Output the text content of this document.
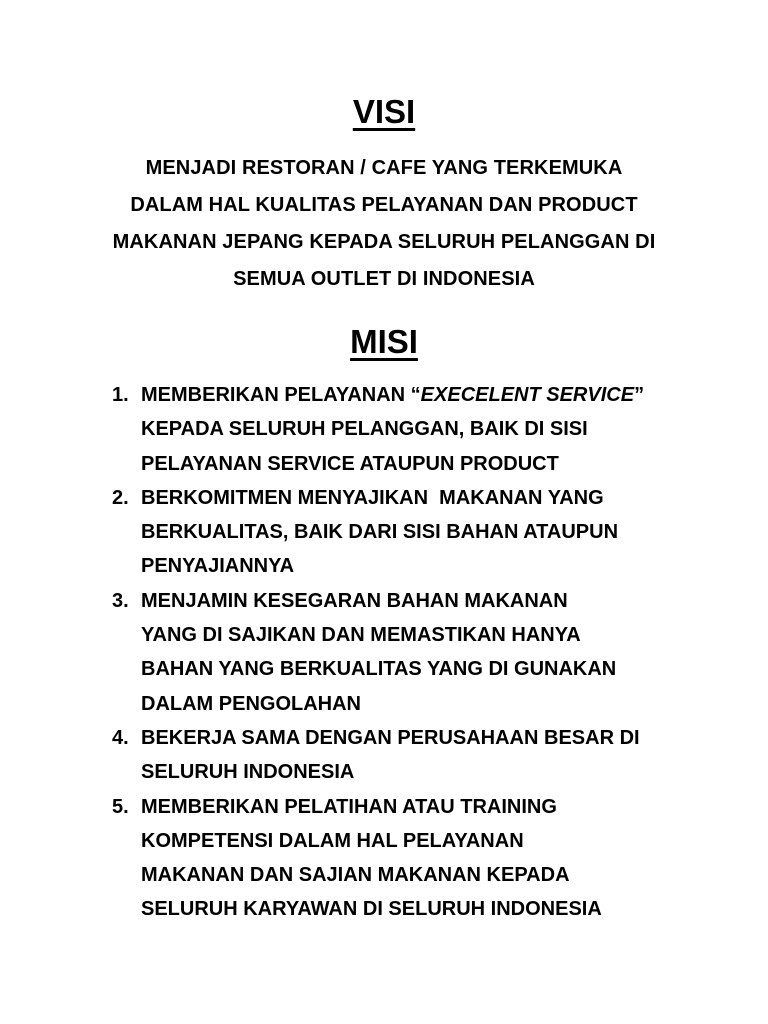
VISI

MENJADI RESTORAN / CAFE YANG TERKEMUKA
DALAM HAL KUALITAS PELAYANAN DAN PRODUCT
MAKANAN JEPANG KEPADA SELURUH PELANGGAN DI
SEMUA OUTLET DI INDONESIA

MISI
1. MEMBERIKAN PELAYANAN “EXECELENT SERVICE”
KEPADA SELURUH PELANGGAN, BAIK DI SISI
PELAYANAN SERVICE ATAUPUN PRODUCT
2. BERKOMITMEN MENYAJIKAN  MAKANAN YANG
BERKUALITAS, BAIK DARI SISI BAHAN ATAUPUN
PENYAJIANNYA
3. MENJAMIN KESEGARAN BAHAN MAKANAN
YANG DI SAJIKAN DAN MEMASTIKAN HANYA
BAHAN YANG BERKUALITAS YANG DI GUNAKAN
DALAM PENGOLAHAN
4. BEKERJA SAMA DENGAN PERUSAHAAN BESAR DI
SELURUH INDONESIA
5. MEMBERIKAN PELATIHAN ATAU TRAINING
KOMPETENSI DALAM HAL PELAYANAN
MAKANAN DAN SAJIAN MAKANAN KEPADA
SELURUH KARYAWAN DI SELURUH INDONESIA
